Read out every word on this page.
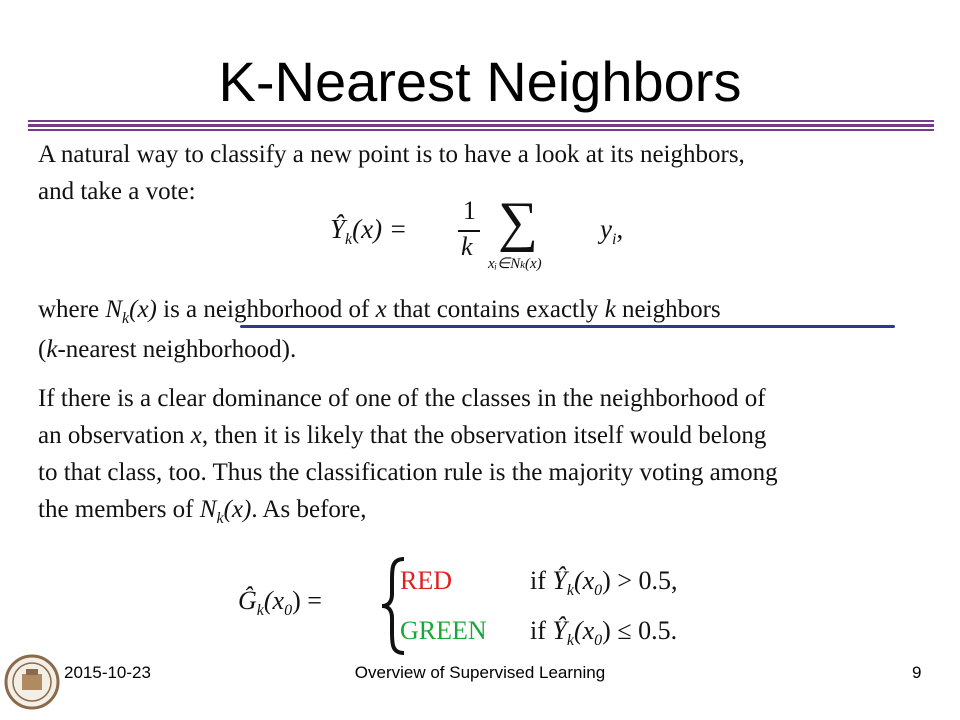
K-Nearest Neighbors

A natural way to classify a new point is to have a look at its neighbors,

and take a vote:

$Ŷ_k(x)$ =
1
k ∑
xᵢ∈Nk(x)
$y_i$,

where $N_k(x)$ is a neighborhood of x that contains exactly k neighbors

(k-nearest neighborhood).

If there is a clear dominance of one of the classes in the neighborhood of

an observation x, then it is likely that the observation itself would belong

to that class, too. Thus the classification rule is the majority voting among

the members of $N_k(x)$. As before,

$Ĝ_k(x_0)$ =
RED	if $Ŷ_k(x_0) > 0.5$,
GREEN if $Ŷ_k(x_0) \le 0.5$.
2015-10-23	Overview of Supervised Learning	9
